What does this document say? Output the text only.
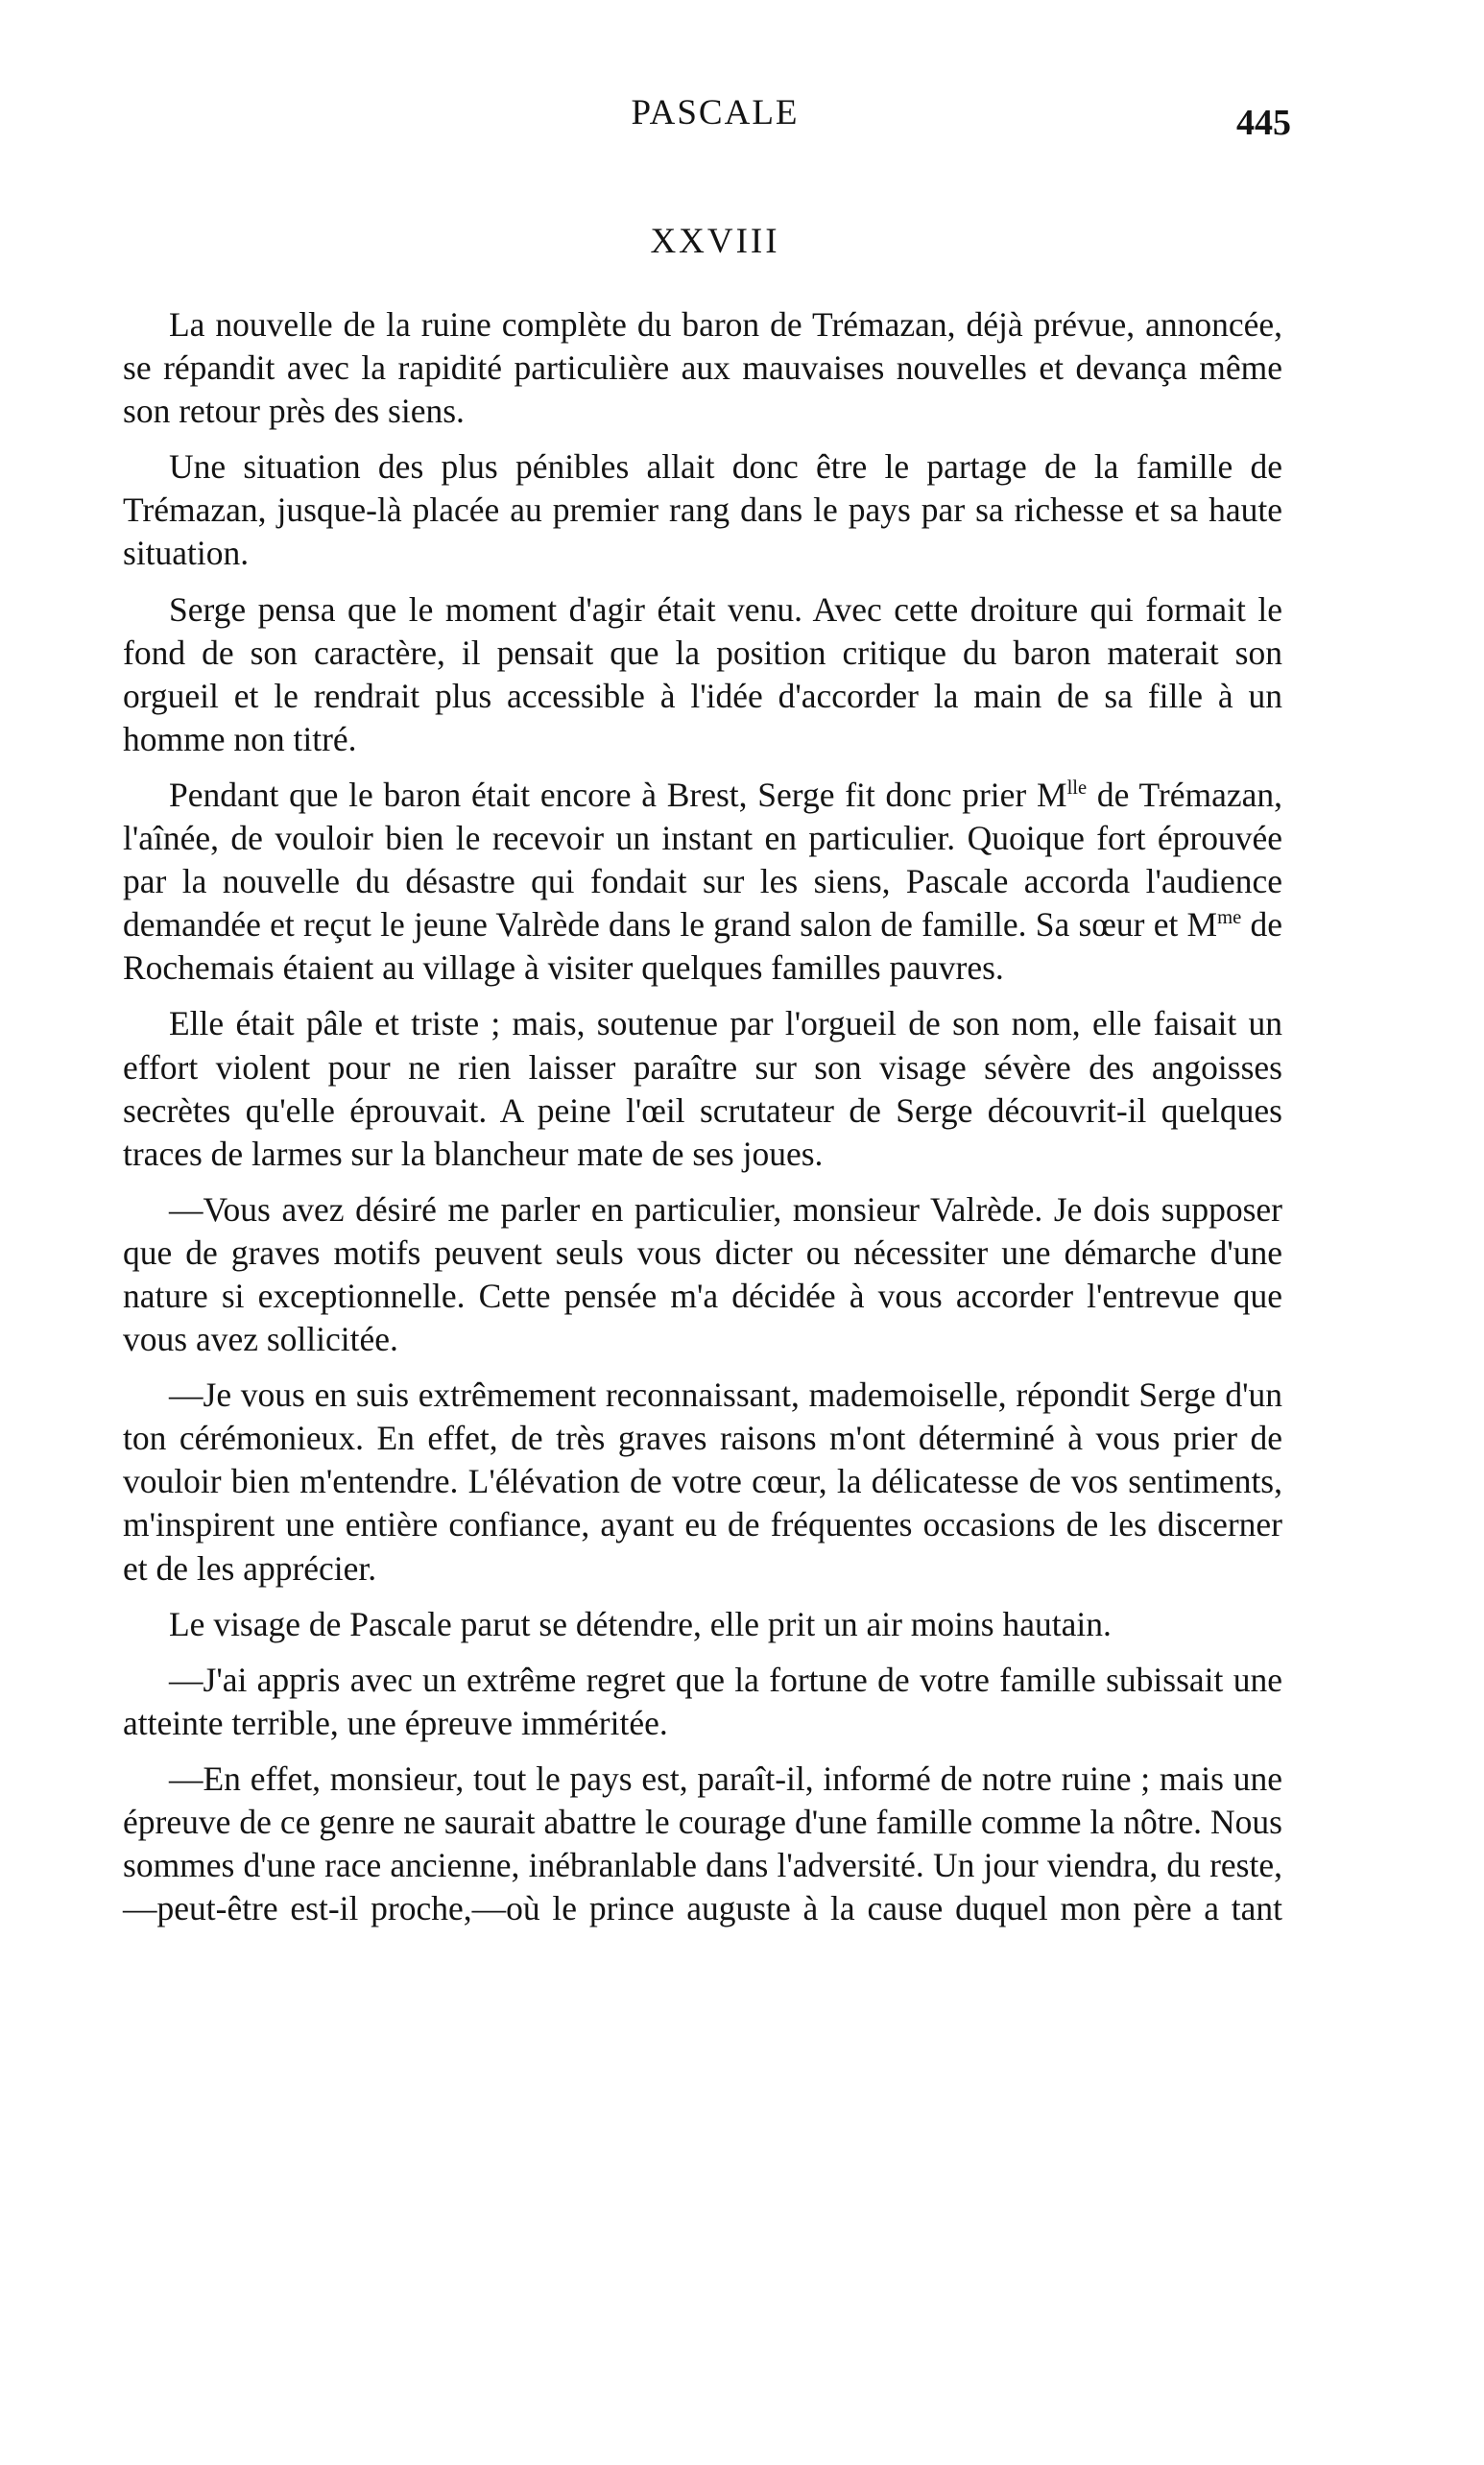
PASCALE	445
XXVIII

La nouvelle de la ruine complète du baron de Trémazan, déjà prévue, annoncée, se répandit avec la rapidité particulière aux mauvaises nouvelles et devança même son retour près des siens.

Une situation des plus pénibles allait donc être le partage de la famille de Trémazan, jusque-là placée au premier rang dans le pays par sa richesse et sa haute situation.

Serge pensa que le moment d'agir était venu. Avec cette droiture qui formait le fond de son caractère, il pensait que la position critique du baron materait son orgueil et le rendrait plus accessible à l'idée d'accorder la main de sa fille à un homme non titré.

Pendant que le baron était encore à Brest, Serge fit donc prier $M^{lle}$ de Trémazan, l'aînée, de vouloir bien le recevoir un instant en particulier. Quoique fort éprouvée par la nouvelle du désastre qui fondait sur les siens, Pascale accorda l'audience demandée et reçut le jeune Valrède dans le grand salon de famille. Sa sœur et $M^{me}$ de Rochemais étaient au village à visiter quelques familles pauvres.

Elle était pâle et triste ; mais, soutenue par l'orgueil de son nom, elle faisait un effort violent pour ne rien laisser paraître sur son visage sévère des angoisses secrètes qu'elle éprouvait. A peine l'œil scrutateur de Serge découvrit-il quelques traces de larmes sur la blancheur mate de ses joues.

—Vous avez désiré me parler en particulier, monsieur Valrède. Je dois supposer que de graves motifs peuvent seuls vous dicter ou nécessiter une démarche d'une nature si exceptionnelle. Cette pensée m'a décidée à vous accorder l'entrevue que vous avez sollicitée.

—Je vous en suis extrêmement reconnaissant, mademoiselle, répondit Serge d'un ton cérémonieux. En effet, de très graves raisons m'ont déterminé à vous prier de vouloir bien m'entendre. L'élévation de votre cœur, la délicatesse de vos sentiments, m'inspirent une entière confiance, ayant eu de fréquentes occasions de les discerner et de les apprécier.

Le visage de Pascale parut se détendre, elle prit un air moins hautain.

—J'ai appris avec un extrême regret que la fortune de votre famille subissait une atteinte terrible, une épreuve imméritée.

—En effet, monsieur, tout le pays est, paraît-il, informé de notre ruine ; mais une épreuve de ce genre ne saurait abattre le courage d'une famille comme la nôtre. Nous sommes d'une race ancienne, inébranlable dans l'adversité. Un jour viendra, du reste,—peut-être est-il proche,—où le prince auguste à la cause duquel mon père a tant
